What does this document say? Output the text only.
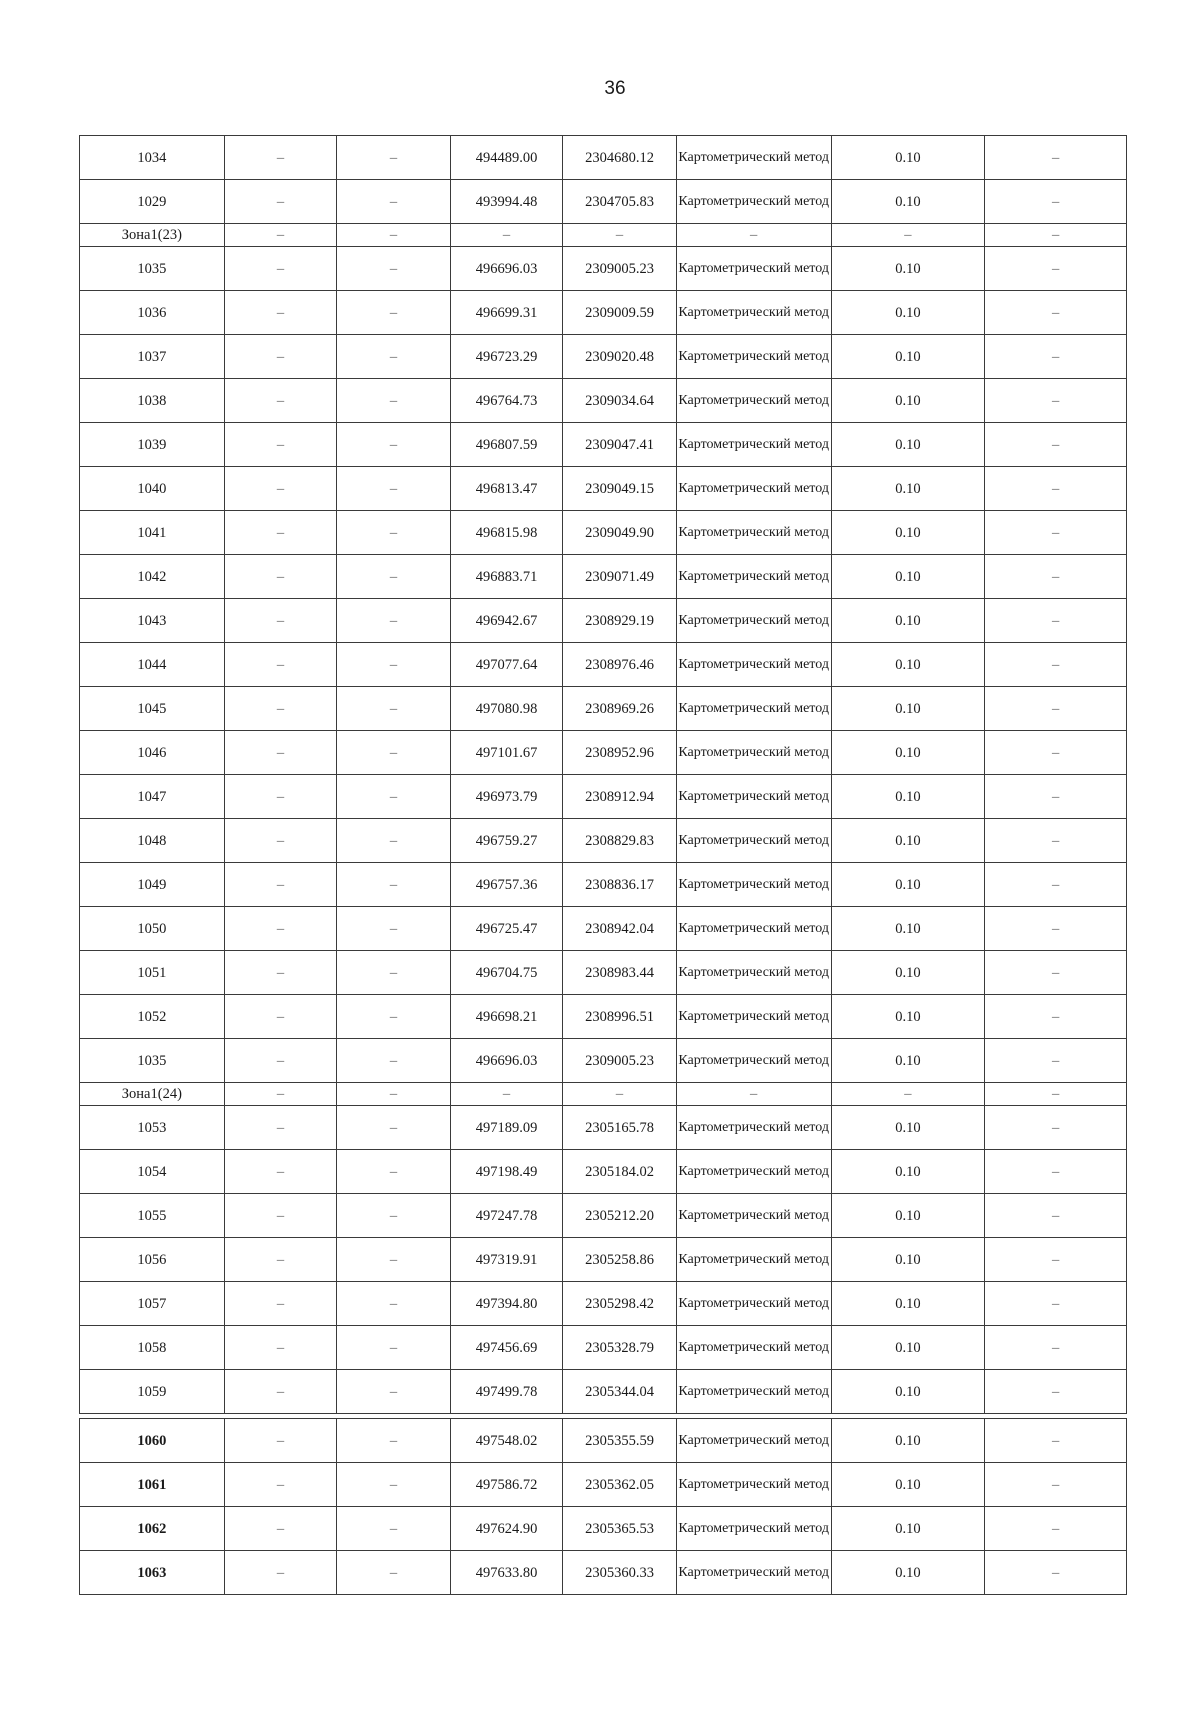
36
1034	–	–	494489.00	2304680.12	Картометрический метод	0.10	–
1029	–	–	493994.48	2304705.83	Картометрический метод	0.10	–
Зона1(23)	–	–	–	–	–	–	–
1035	–	–	496696.03	2309005.23	Картометрический метод	0.10	–
1036	–	–	496699.31	2309009.59	Картометрический метод	0.10	–
1037	–	–	496723.29	2309020.48	Картометрический метод	0.10	–
1038	–	–	496764.73	2309034.64	Картометрический метод	0.10	–
1039	–	–	496807.59	2309047.41	Картометрический метод	0.10	–
1040	–	–	496813.47	2309049.15	Картометрический метод	0.10	–
1041	–	–	496815.98	2309049.90	Картометрический метод	0.10	–
1042	–	–	496883.71	2309071.49	Картометрический метод	0.10	–
1043	–	–	496942.67	2308929.19	Картометрический метод	0.10	–
1044	–	–	497077.64	2308976.46	Картометрический метод	0.10	–
1045	–	–	497080.98	2308969.26	Картометрический метод	0.10	–
1046	–	–	497101.67	2308952.96	Картометрический метод	0.10	–
1047	–	–	496973.79	2308912.94	Картометрический метод	0.10	–
1048	–	–	496759.27	2308829.83	Картометрический метод	0.10	–
1049	–	–	496757.36	2308836.17	Картометрический метод	0.10	–
1050	–	–	496725.47	2308942.04	Картометрический метод	0.10	–
1051	–	–	496704.75	2308983.44	Картометрический метод	0.10	–
1052	–	–	496698.21	2308996.51	Картометрический метод	0.10	–
1035	–	–	496696.03	2309005.23	Картометрический метод	0.10	–
Зона1(24)	–	–	–	–	–	–	–
1053	–	–	497189.09	2305165.78	Картометрический метод	0.10	–
1054	–	–	497198.49	2305184.02	Картометрический метод	0.10	–
1055	–	–	497247.78	2305212.20	Картометрический метод	0.10	–
1056	–	–	497319.91	2305258.86	Картометрический метод	0.10	–
1057	–	–	497394.80	2305298.42	Картометрический метод	0.10	–
1058	–	–	497456.69	2305328.79	Картометрический метод	0.10	–
1059	–	–	497499.78	2305344.04	Картометрический метод	0.10	–
1060	–	–	497548.02	2305355.59	Картометрический метод	0.10	–
1061	–	–	497586.72	2305362.05	Картометрический метод	0.10	–
1062	–	–	497624.90	2305365.53	Картометрический метод	0.10	–
1063	–	–	497633.80	2305360.33	Картометрический метод	0.10	–
